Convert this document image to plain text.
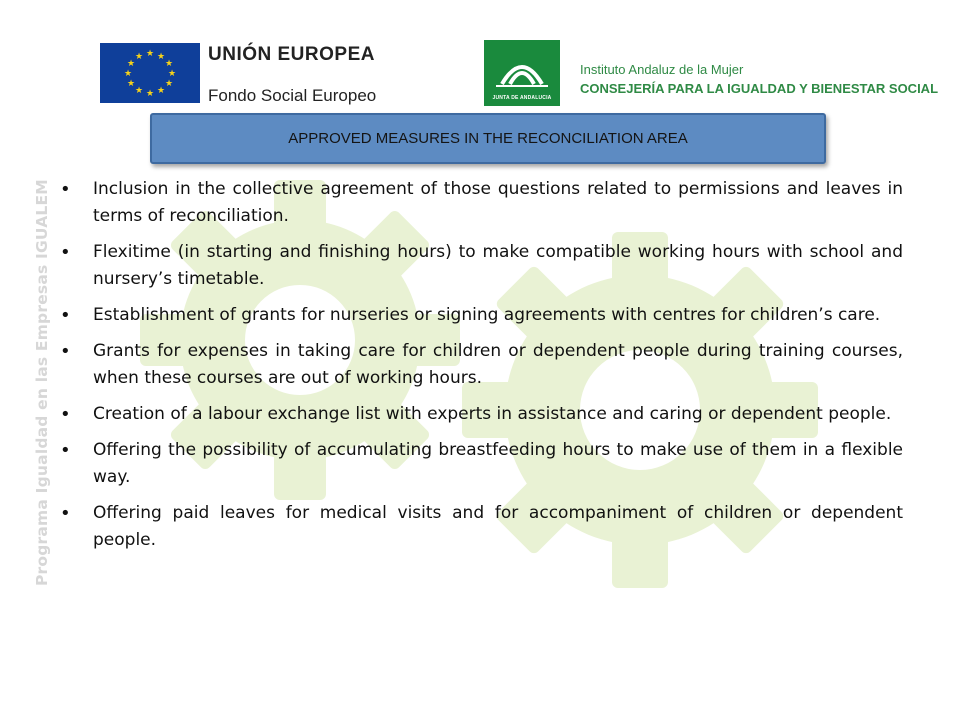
★ ★
★
★
★
★
★
★
★
★
★
★	UNIÓN EUROPEA
Fondo Social Europeo	JUNTA DE ANDALUCIA
Instituto Andaluz de la Mujer
CONSEJERÍA PARA LA IGUALDAD Y BIENESTAR SOCIAL
APPROVED MEASURES IN THE RECONCILIATION AREA
Programa Igualdad en las Empresas IGUALEM
•	Inclusion in the collective agreement of those questions related to permissions and leaves in terms of reconciliation.
• Flexitime (in starting and finishing hours) to make compatible working hours with school and nursery’s timetable.
• Establishment of grants for nurseries or signing agreements with centres for children’s care.
• Grants for expenses in taking care for children or dependent people during training courses, when these courses are out of working hours.
• Creation of a labour exchange list with experts in assistance and caring or dependent people.
• Offering the possibility of accumulating breastfeeding hours to make use of them in a flexible way.
• Offering paid leaves for medical visits and for accompaniment of children or dependent people.
